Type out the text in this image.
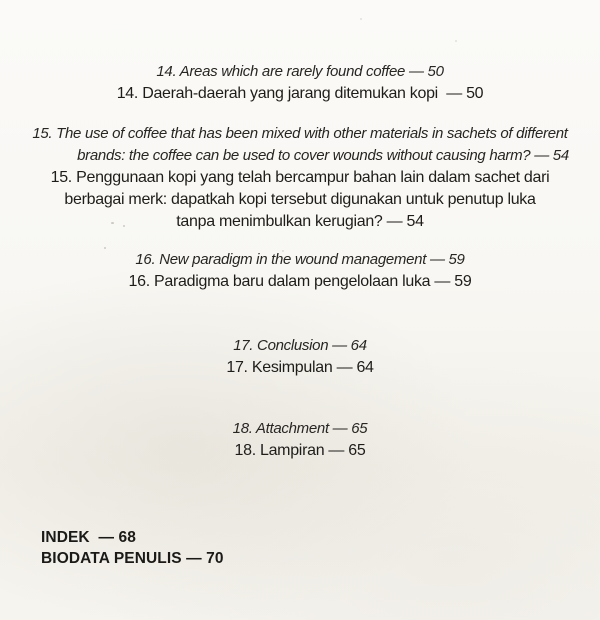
14. Areas which are rarely found coffee — 50
14. Daerah-daerah yang jarang ditemukan kopi  — 50
15. The use of coffee that has been mixed with other materials in sachets of different
brands: the coffee can be used to cover wounds without causing harm? — 54
15. Penggunaan kopi yang telah bercampur bahan lain dalam sachet dari
berbagai merk: dapatkah kopi tersebut digunakan untuk penutup luka
tanpa menimbulkan kerugian? — 54
16. New paradigm in the wound management — 59
16. Paradigma baru dalam pengelolaan luka — 59
17. Conclusion — 64
17. Kesimpulan — 64
18. Attachment — 65
18. Lampiran — 65
INDEK  — 68
BIODATA PENULIS — 70
